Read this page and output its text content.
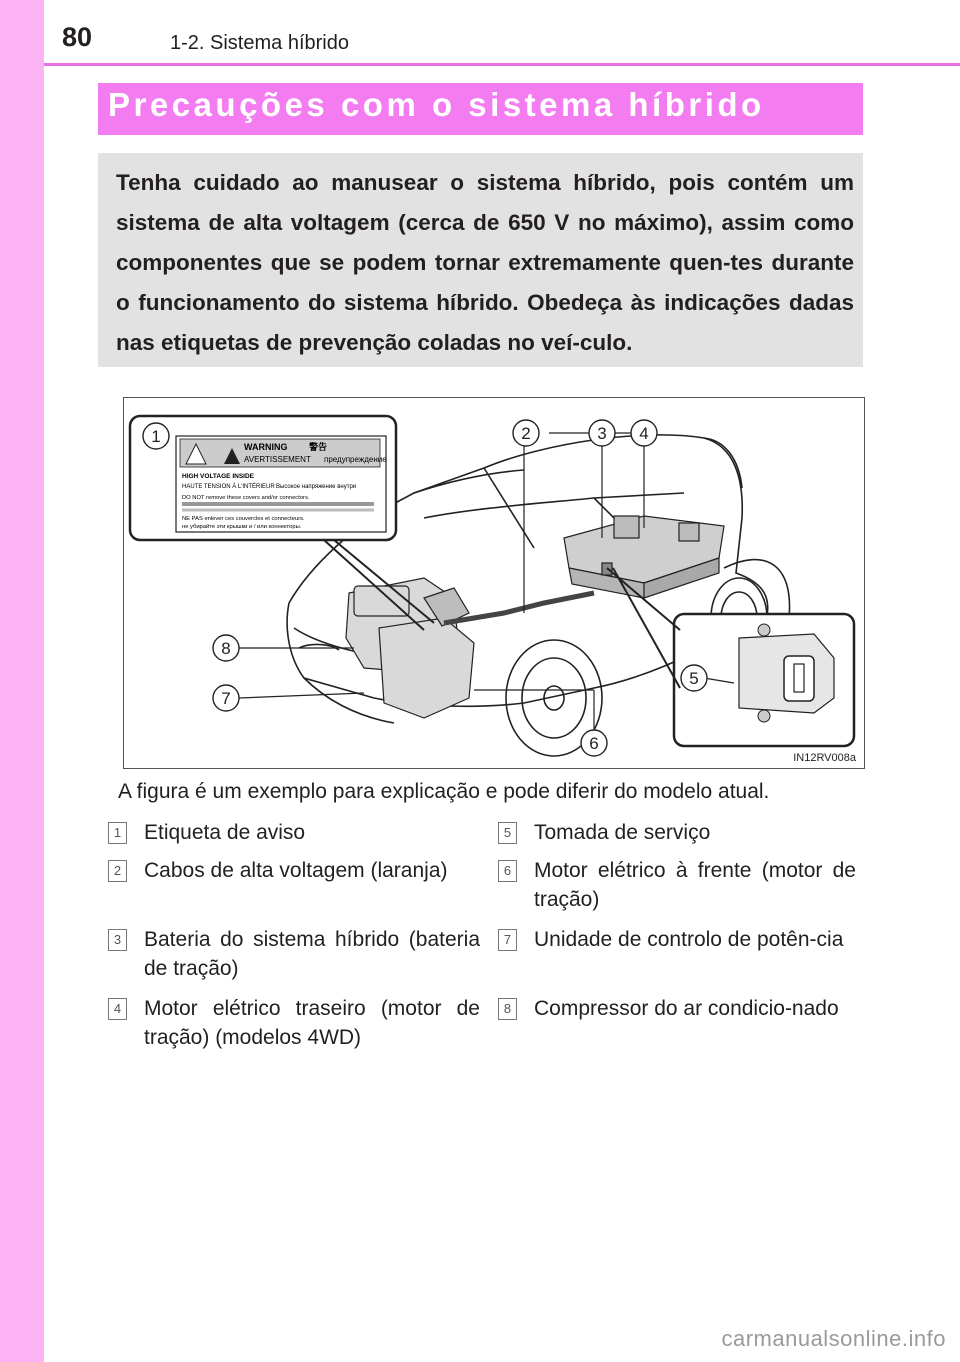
80	1-2. Sistema híbrido
Precauções com o sistema híbrido
Tenha cuidado ao manusear o sistema híbrido, pois contém um sistema de alta voltagem (cerca de 650 V no máximo), assim como componentes que se podem tornar extremamente quen-tes durante o funcionamento do sistema híbrido. Obedeça às indicações dadas nas etiquetas de prevenção coladas no veí-culo.
WARNING 警告
AVERTISSEMENT предупреждение
HIGH VOLTAGE INSIDE
HAUTE TENSION À L'INTÉRIEUR Высокое напряжение внутри
DO NOT remove these covers and/or connectors.
NE PAS enlever ces couvercles et connecteurs.
не убирайте эти крышки и / или коннекторы.
1	2	3 4
5
6
7
8
IN12RV008a
A figura é um exemplo para explicação e pode diferir do modelo atual.
1 Etiqueta de aviso
2 Cabos de alta voltagem (laranja)
3 Bateria do sistema híbrido (bateria de tração)
4 Motor elétrico traseiro (motor de tração) (modelos 4WD)
5 Tomada de serviço
6 Motor elétrico à frente (motor de tração)
7 Unidade de controlo de potên-cia
8 Compressor do ar condicio-nado
carmanualsonline.info
